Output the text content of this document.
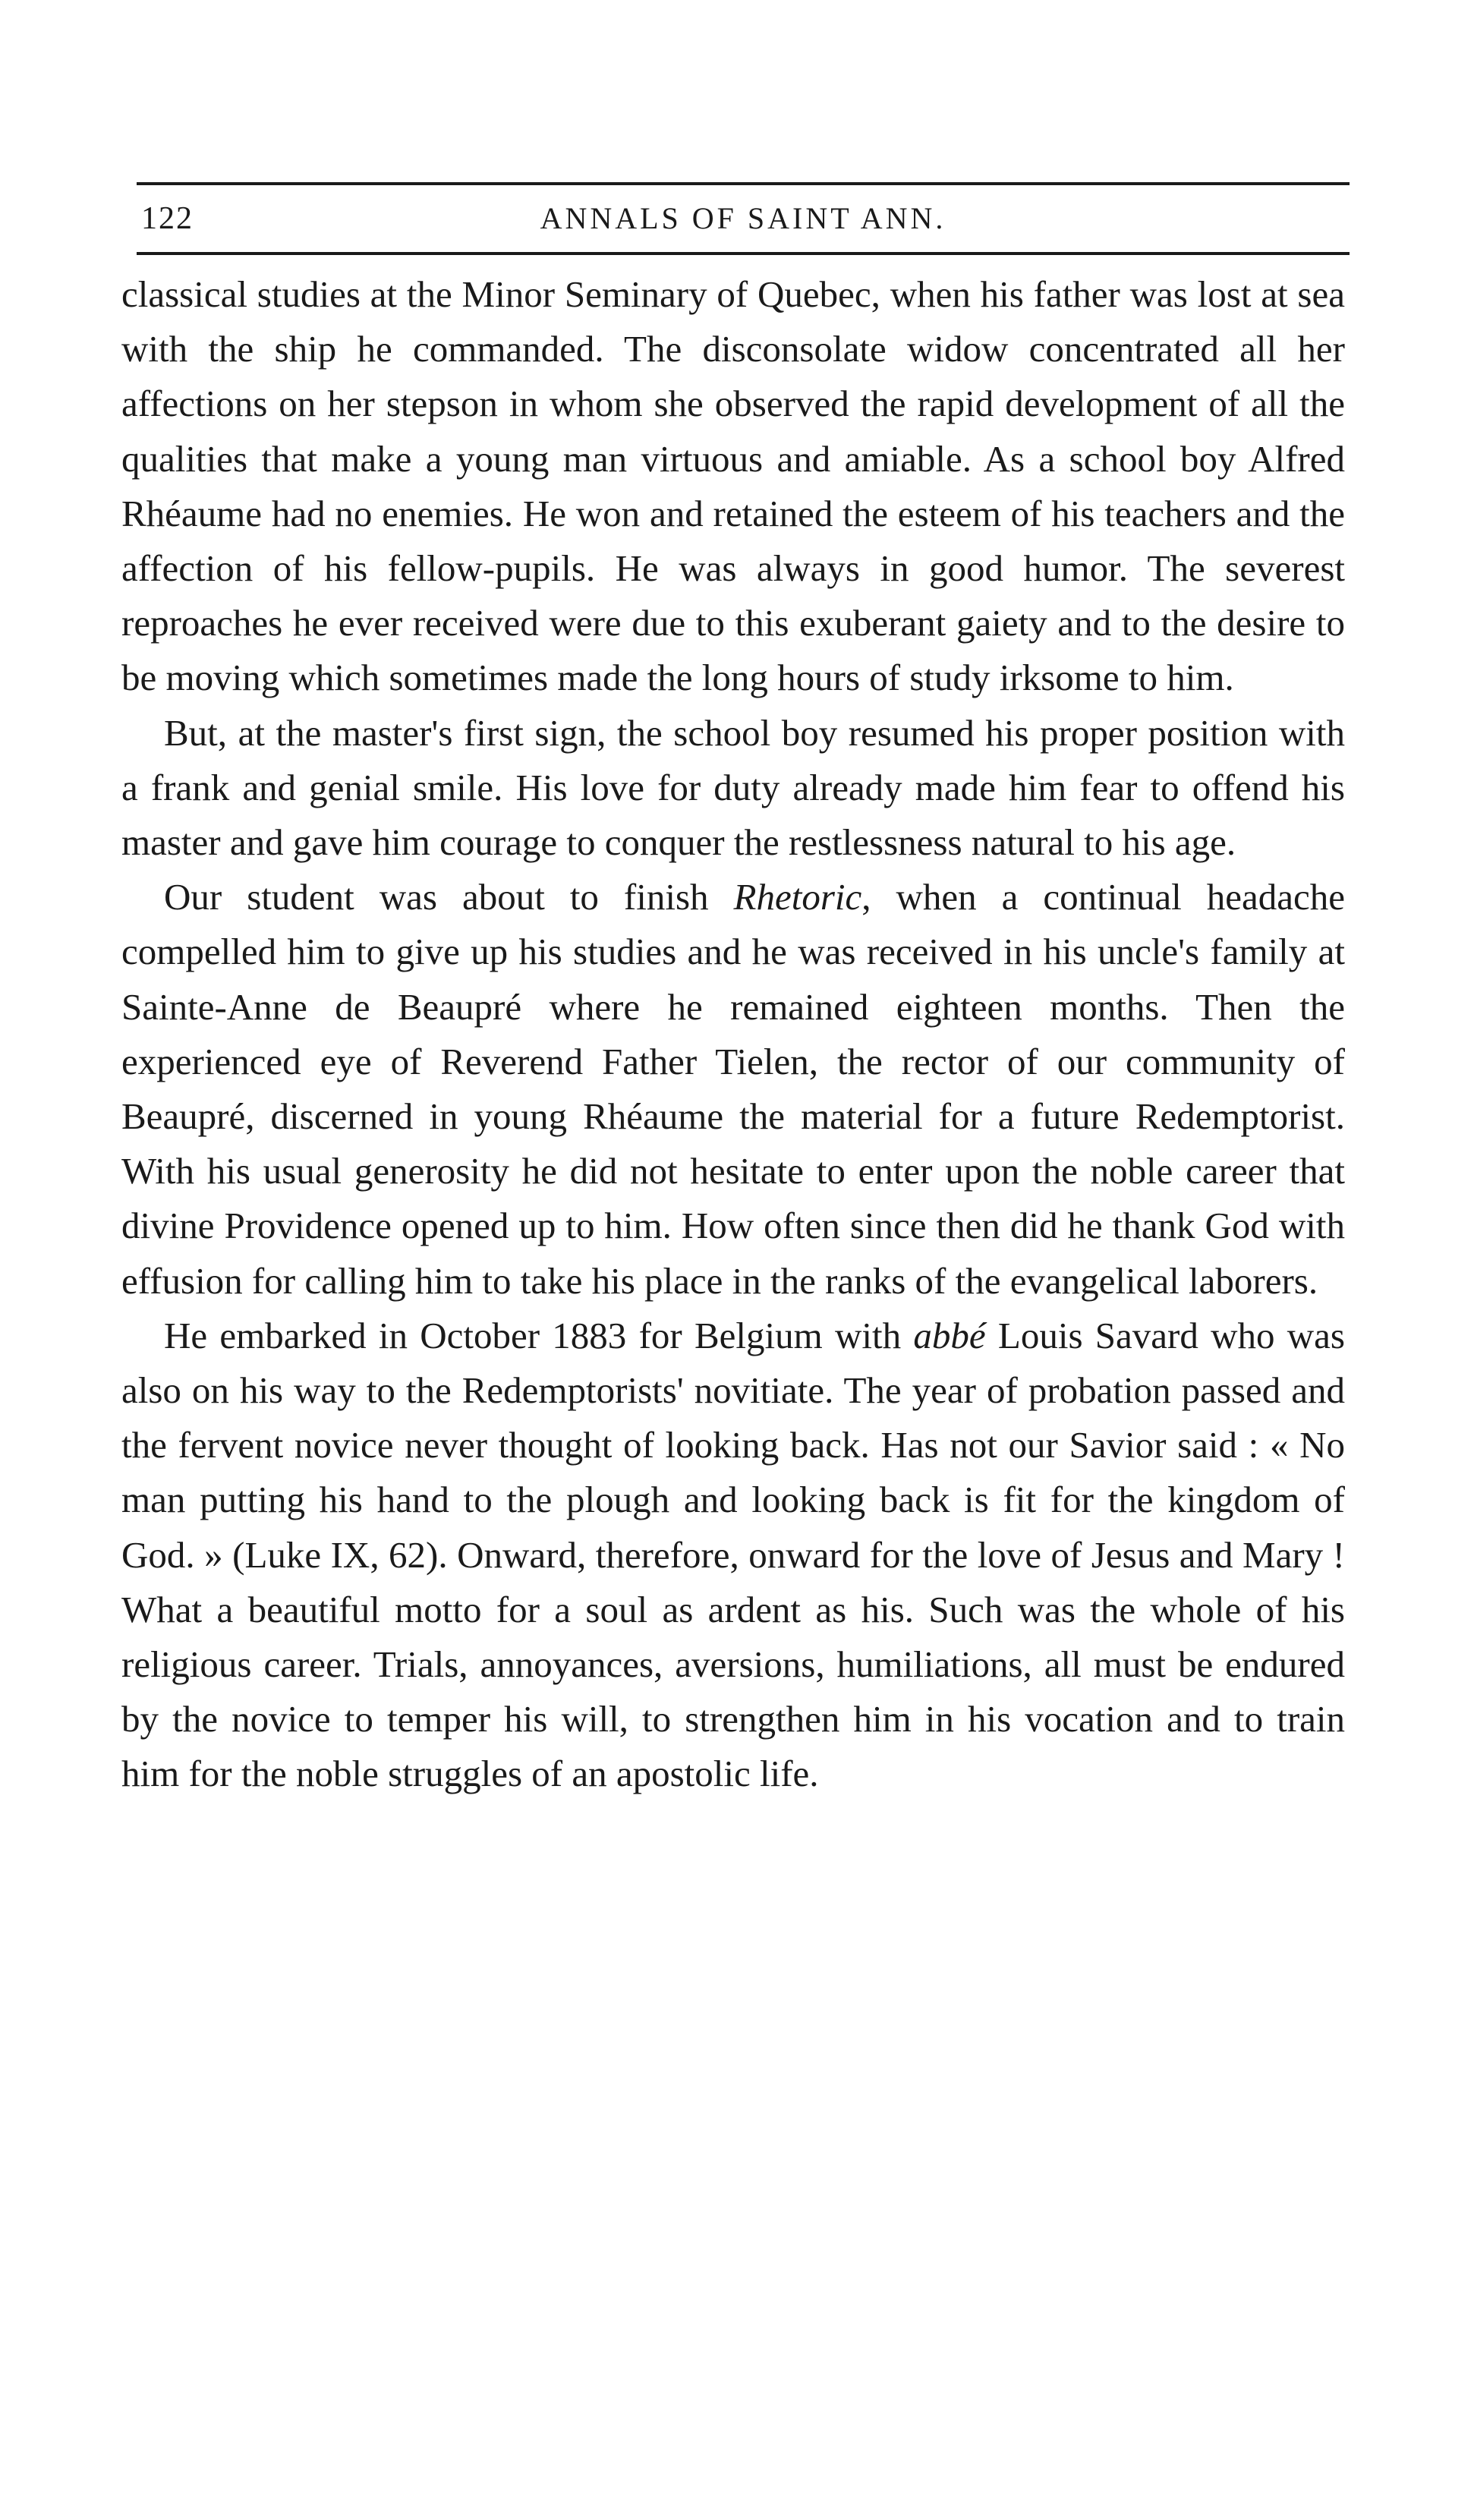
122	ANNALS OF SAINT ANN.

classical studies at the Minor Seminary of Quebec, when his father was lost at sea with the ship he commanded. The disconsolate widow concentrated all her affections on her stepson in whom she observed the rapid development of all the qualities that make a young man virtuous and amiable. As a school boy Alfred Rhéaume had no enemies. He won and retained the esteem of his teachers and the affection of his fellow-pupils. He was always in good humor. The severest reproaches he ever received were due to this exuberant gaiety and to the desire to be moving which sometimes made the long hours of study irksome to him.

But, at the master's first sign, the school boy resumed his proper position with a frank and genial smile. His love for duty already made him fear to offend his master and gave him courage to conquer the restlessness natural to his age.

Our student was about to finish Rhetoric, when a continual headache compelled him to give up his studies and he was received in his uncle's family at Sainte-Anne de Beaupré where he remained eighteen months. Then the experienced eye of Reverend Father Tielen, the rector of our community of Beaupré, discerned in young Rhéaume the material for a future Redemptorist. With his usual generosity he did not hesitate to enter upon the noble career that divine Providence opened up to him. How often since then did he thank God with effusion for calling him to take his place in the ranks of the evangelical laborers.

He embarked in October 1883 for Belgium with abbé Louis Savard who was also on his way to the Redemptorists' novitiate. The year of probation passed and the fervent novice never thought of looking back. Has not our Savior said : « No man putting his hand to the plough and looking back is fit for the kingdom of God. » (Luke IX, 62). Onward, therefore, onward for the love of Jesus and Mary ! What a beautiful motto for a soul as ardent as his. Such was the whole of his religious career. Trials, annoyances, aversions, humiliations, all must be endured by the novice to temper his will, to strengthen him in his vocation and to train him for the noble struggles of an apostolic life.
